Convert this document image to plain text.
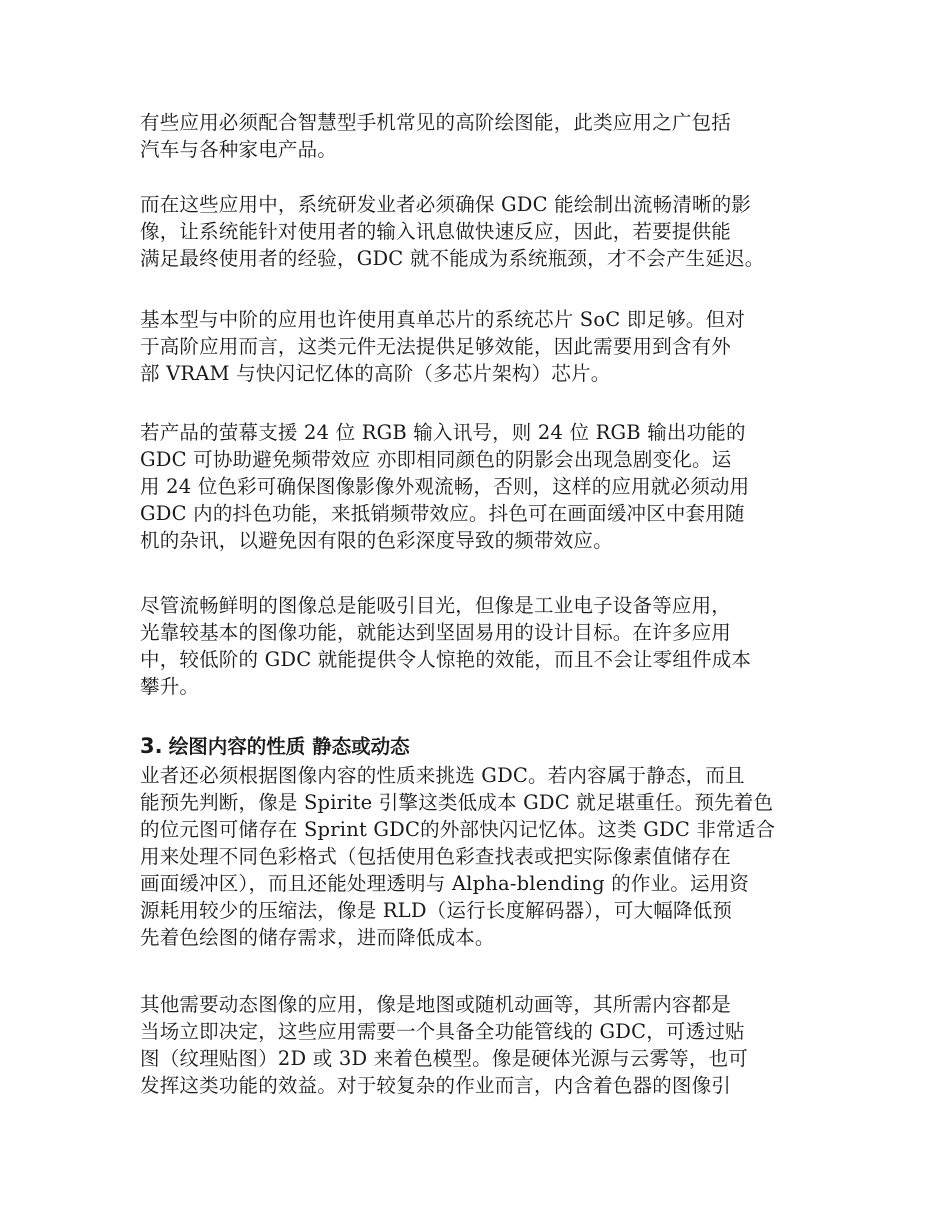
有些应用必须配合智慧型手机常见的高阶绘图能，此类应用之广包括
汽车与各种家电产品。
而在这些应用中，系统研发业者必须确保 GDC 能绘制出流畅清晰的影
像，让系统能针对使用者的输入讯息做快速反应，因此，若要提供能
满足最终使用者的经验，GDC 就不能成为系统瓶颈，才不会产生延迟。
基本型与中阶的应用也许使用真单芯片的系统芯片 SoC 即足够。但对
于高阶应用而言，这类元件无法提供足够效能，因此需要用到含有外
部 VRAM 与快闪记忆体的高阶（多芯片架构）芯片。
若产品的萤幕支援 24 位 RGB 输入讯号，则 24 位 RGB 输出功能的
GDC 可协助避免频带效应 亦即相同颜色的阴影会出现急剧变化。运
用 24 位色彩可确保图像影像外观流畅，否则，这样的应用就必须动用
GDC 内的抖色功能，来抵销频带效应。抖色可在画面缓冲区中套用随
机的杂讯，以避免因有限的色彩深度导致的频带效应。
尽管流畅鲜明的图像总是能吸引目光，但像是工业电子设备等应用，
光靠较基本的图像功能，就能达到坚固易用的设计目标。在许多应用
中，较低阶的 GDC 就能提供令人惊艳的效能，而且不会让零组件成本
攀升。
3. 绘图内容的性质 静态或动态
业者还必须根据图像内容的性质来挑选 GDC。若内容属于静态，而且
能预先判断，像是 Spirite 引擎这类低成本 GDC 就足堪重任。预先着色
的位元图可储存在 Sprint GDC的外部快闪记忆体。这类 GDC 非常适合
用来处理不同色彩格式（包括使用色彩查找表或把实际像素值储存在
画面缓冲区），而且还能处理透明与 Alpha-blending 的作业。运用资
源耗用较少的压缩法，像是 RLD（运行长度解码器），可大幅降低预
先着色绘图的储存需求，进而降低成本。
其他需要动态图像的应用，像是地图或随机动画等，其所需内容都是
当场立即决定，这些应用需要一个具备全功能管线的 GDC，可透过贴
图（纹理贴图）2D 或 3D 来着色模型。像是硬体光源与云雾等，也可
发挥这类功能的效益。对于较复杂的作业而言，内含着色器的图像引
